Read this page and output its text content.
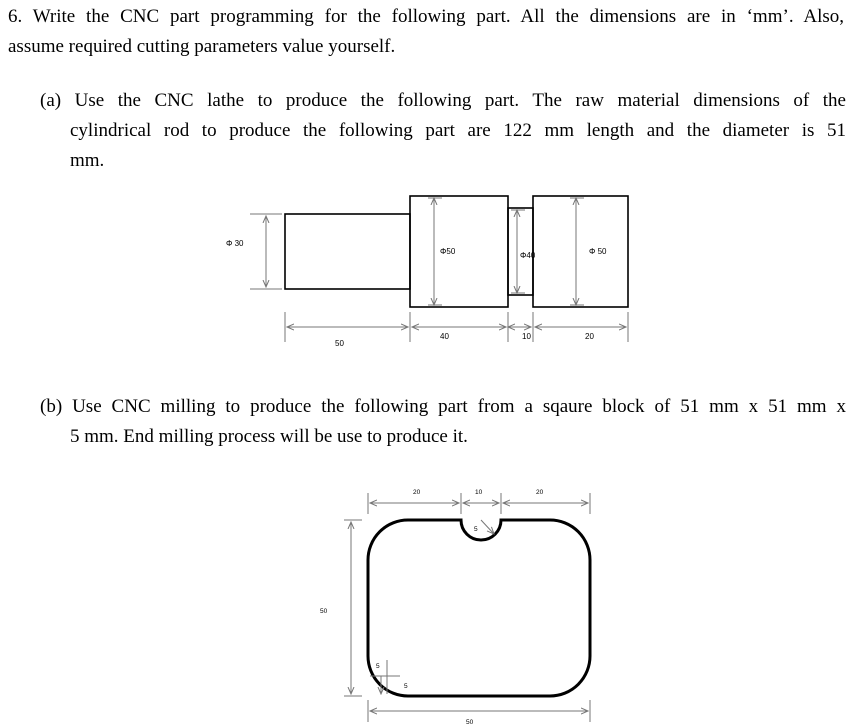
6. Write the CNC part programming for the following part. All the dimensions are in ‘mm’. Also,
assume required cutting parameters value yourself.
(a) Use the CNC lathe to produce the following part. The raw material dimensions of the
cylindrical rod to produce the following part are 122 mm length and the diameter is 51
mm.
(b) Use CNC milling to produce the following part from a sqaure block of 51 mm x 51 mm x
5 mm. End milling process will be use to produce it.
Φ 30
Φ50	Φ40	Φ 50
50
40	10	20
5
20	10	20
50
5
5
50
